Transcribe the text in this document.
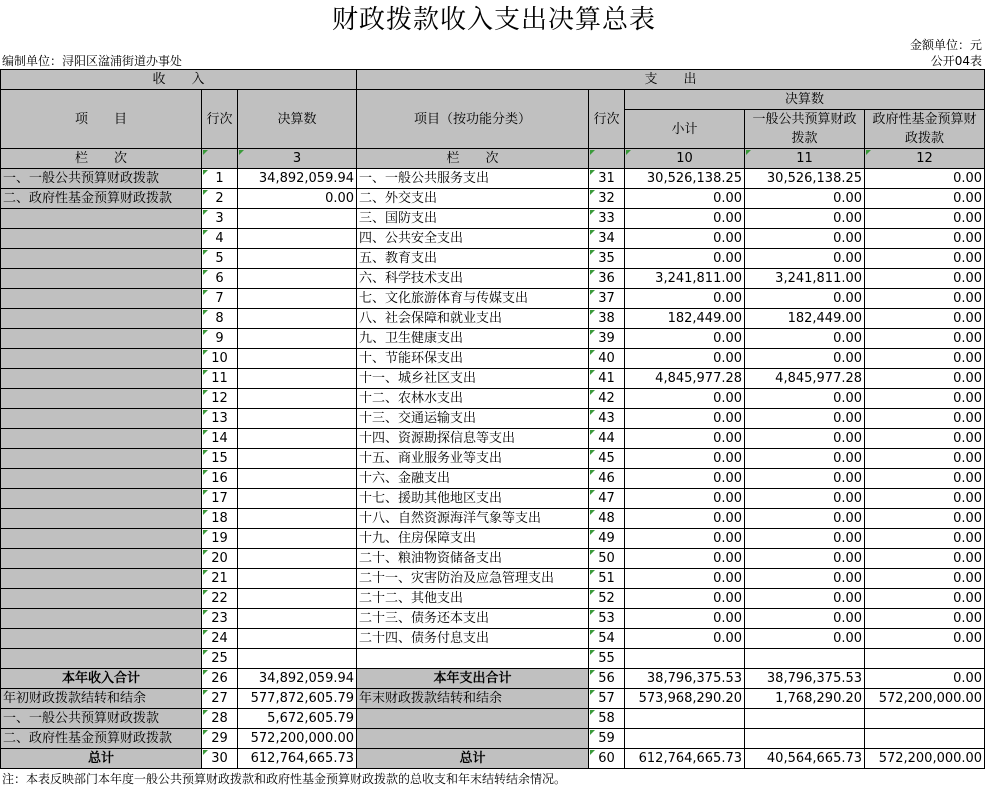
财政拨款收入支出决算总表
金额单位：元
编制单位：浔阳区湓浦街道办事处	公开04表
收　　入			支　　出				
项　　目	行次	决算数	项目（按功能分类）	行次	决算数		
					小计	一般公共预算财政拨款	政府性基金预算财政拨款

栏　　次		3	栏　　次		10	11	12
一、一般公共预算财政拨款	1	34,892,059.94	一、一般公共服务支出	31	30,526,138.25	30,526,138.25	0.00
二、政府性基金预算财政拨款	2	0.00	二、外交支出	32	0.00	0.00	0.00
	3		三、国防支出	33	0.00	0.00	0.00
	4		四、公共安全支出	34	0.00	0.00	0.00
	5		五、教育支出	35	0.00	0.00	0.00
	6		六、科学技术支出	36	3,241,811.00	3,241,811.00	0.00
	7		七、文化旅游体育与传媒支出	37	0.00	0.00	0.00
	8		八、社会保障和就业支出	38	182,449.00	182,449.00	0.00
	9		九、卫生健康支出	39	0.00	0.00	0.00
	10		十、节能环保支出	40	0.00	0.00	0.00
	11		十一、城乡社区支出	41	4,845,977.28	4,845,977.28	0.00
	12		十二、农林水支出	42	0.00	0.00	0.00
	13		十三、交通运输支出	43	0.00	0.00	0.00
	14		十四、资源勘探信息等支出	44	0.00	0.00	0.00
	15		十五、商业服务业等支出	45	0.00	0.00	0.00
	16		十六、金融支出	46	0.00	0.00	0.00
	17		十七、援助其他地区支出	47	0.00	0.00	0.00
	18		十八、自然资源海洋气象等支出	48	0.00	0.00	0.00
	19		十九、住房保障支出	49	0.00	0.00	0.00
	20		二十、粮油物资储备支出	50	0.00	0.00	0.00
	21		二十一、灾害防治及应急管理支出	51	0.00	0.00	0.00
	22		二十二、其他支出	52	0.00	0.00	0.00
	23		二十三、债务还本支出	53	0.00	0.00	0.00
	24		二十四、债务付息支出	54	0.00	0.00	0.00
	25			55			
本年收入合计	26	34,892,059.94	本年支出合计	56	38,796,375.53	38,796,375.53	0.00
年初财政拨款结转和结余	27	577,872,605.79	年末财政拨款结转和结余	57	573,968,290.20	1,768,290.20	572,200,000.00
一、一般公共预算财政拨款	28	5,672,605.79		58			
二、政府性基金预算财政拨款	29	572,200,000.00		59			
总计	30	612,764,665.73	总计	60	612,764,665.73	40,564,665.73	572,200,000.00
注：本表反映部门本年度一般公共预算财政拨款和政府性基金预算财政拨款的总收支和年末结转结余情况。
